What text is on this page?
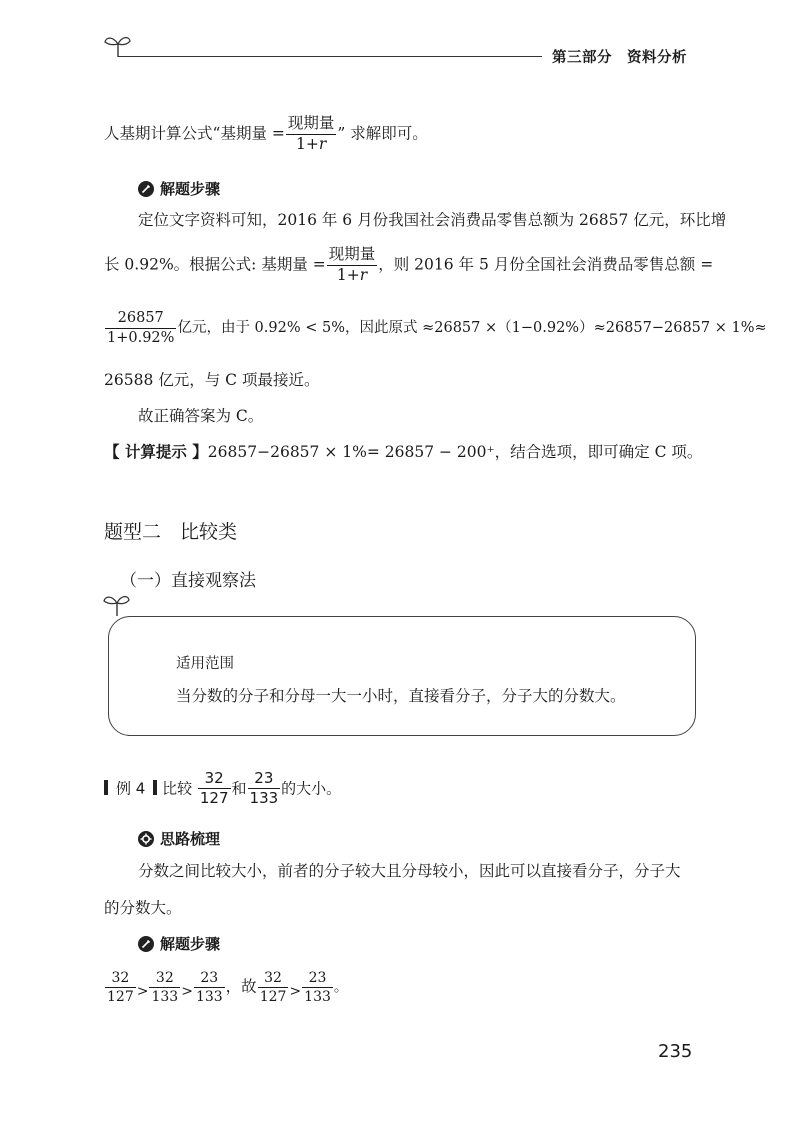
第三部分　资料分析
人基期计算公式“基期量 = $\frac{\text{现期量}}{1+r}$ ” 求解即可。
解题步骤
定位文字资料可知，2016 年 6 月份我国社会消费品零售总额为 26857 亿元，环比增
长 0.92%。根据公式: 基期量 = $\frac{\text{现期量}}{1+r}$ ，则 2016 年 5 月份全国社会消费品零售总额 =
$\frac{26857}{1+0.92\%}$ 亿元，由于 0.92% < 5%，因此原式 ≈26857 ×（1−0.92%）≈26857−26857 × 1%≈
26588 亿元，与 C 项最接近。
故正确答案为 C。
【 计算提示 】26857−26857 × 1%= 26857 − 200⁺，结合选项，即可确定 C 项。
题型二　比较类
（一）直接观察法
适用范围
当分数的分子和分母一大一小时，直接看分子，分子大的分数大。
例 4 比较 $\frac{32}{127}$ 和 $\frac{23}{133}$ 的大小。
思路梳理
分数之间比较大小，前者的分子较大且分母较小，因此可以直接看分子，分子大
的分数大。
解题步骤
$\frac{32}{127} > \frac{32}{133} > \frac{23}{133}$ ，故 $\frac{32}{127} > \frac{23}{133}$ 。
235
